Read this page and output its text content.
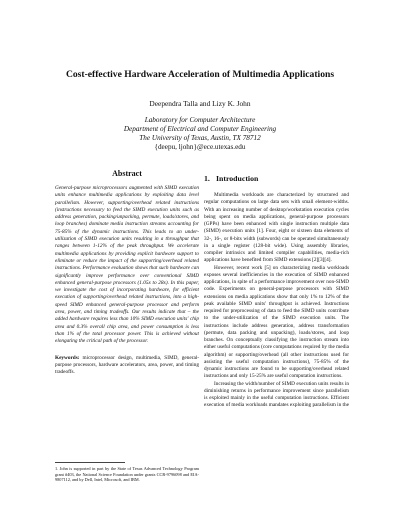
Cost-effective Hardware Acceleration of Multimedia Applications
Deependra Talla and Lizy K. John
Laboratory for Computer Architecture
Department of Electrical and Computer Engineering
The University of Texas, Austin, TX 78712
{deepu, ljohn}@ece.utexas.edu
Abstract

General-purpose microprocessors augmented with SIMD execution units enhance multimedia applications by exploiting data level parallelism. However, supporting/overhead related instructions (instructions necessary to feed the SIMD execution units such as address generation, packing/unpacking, permute, loads/stores, and loop branches) dominate media instruction streams accounting for 75-85% of the dynamic instructions. This leads to an under-utilization of SIMD execution units resulting in a throughput that ranges between 1-12% of the peak throughput. We accelerate multimedia applications by providing explicit hardware support to eliminate or reduce the impact of the supporting/overhead related instructions. Performance evaluation shows that such hardware can significantly improve performance over conventional SIMD enhanced general-purpose processors (1.05x to 28x). In this paper, we investigate the cost of incorporating hardware, for efficient execution of supporting/overhead related instructions, into a high-speed SIMD enhanced general-purpose processor and perform area, power, and timing tradeoffs. Our results indicate that – the added hardware requires less than 10% SIMD execution units' chip area and 0.3% overall chip area, and power consumption is less than 1% of the total processor power. This is achieved without elongating the critical path of the processor.

Keywords: microprocessor design, multimedia, SIMD, general-purpose processors, hardware accelerators, area, power, and timing tradeoffs.
1. John is supported in part by the State of Texas Advanced Technology Program grant #403, the National Science Foundation under grants CCR-9796098 and EIA-9807112, and by Dell, Intel, Microsoft, and IBM.
1. Introduction

Multimedia workloads are characterized by structured and regular computations on large data sets with small element-widths. With an increasing number of desktop/workstation execution cycles being spent on media applications, general-purpose processors (GPPs) have been enhanced with single instruction multiple data (SIMD) execution units [1]. Four, eight or sixteen data elements of 32-, 16-, or 8-bits width (subwords) can be operated simultaneously in a single register (128-bit wide). Using assembly libraries, compiler intrinsics and limited compiler capabilities, media-rich applications have benefited from SIMD extensions [2][3][4].

However, recent work [5] on characterizing media workloads exposes several inefficiencies in the execution of SIMD enhanced applications, in spite of a performance improvement over non-SIMD code. Experiments on general-purpose processors with SIMD extensions on media applications show that only 1% to 12% of the peak available SIMD units' throughput is achieved. Instructions required for preprocessing of data to feed the SIMD units contribute to the under-utilization of the SIMD execution units. The instructions include address generation, address transformation (permute, data packing and unpacking), loads/stores, and loop branches. On conceptually classifying the instruction stream into either useful computations (core computations required by the media algorithm) or supporting/overhead (all other instructions used for assisting the useful computation instructions), 75-85% of the dynamic instructions are found to be supporting/overhead related instructions and only 15-25% are useful computation instructions.

Increasing the width/number of SIMD execution units results in diminishing returns in performance improvement since parallelism is exploited mainly in the useful computation instructions. Efficient execution of media workloads mandates exploiting parallelism in the
